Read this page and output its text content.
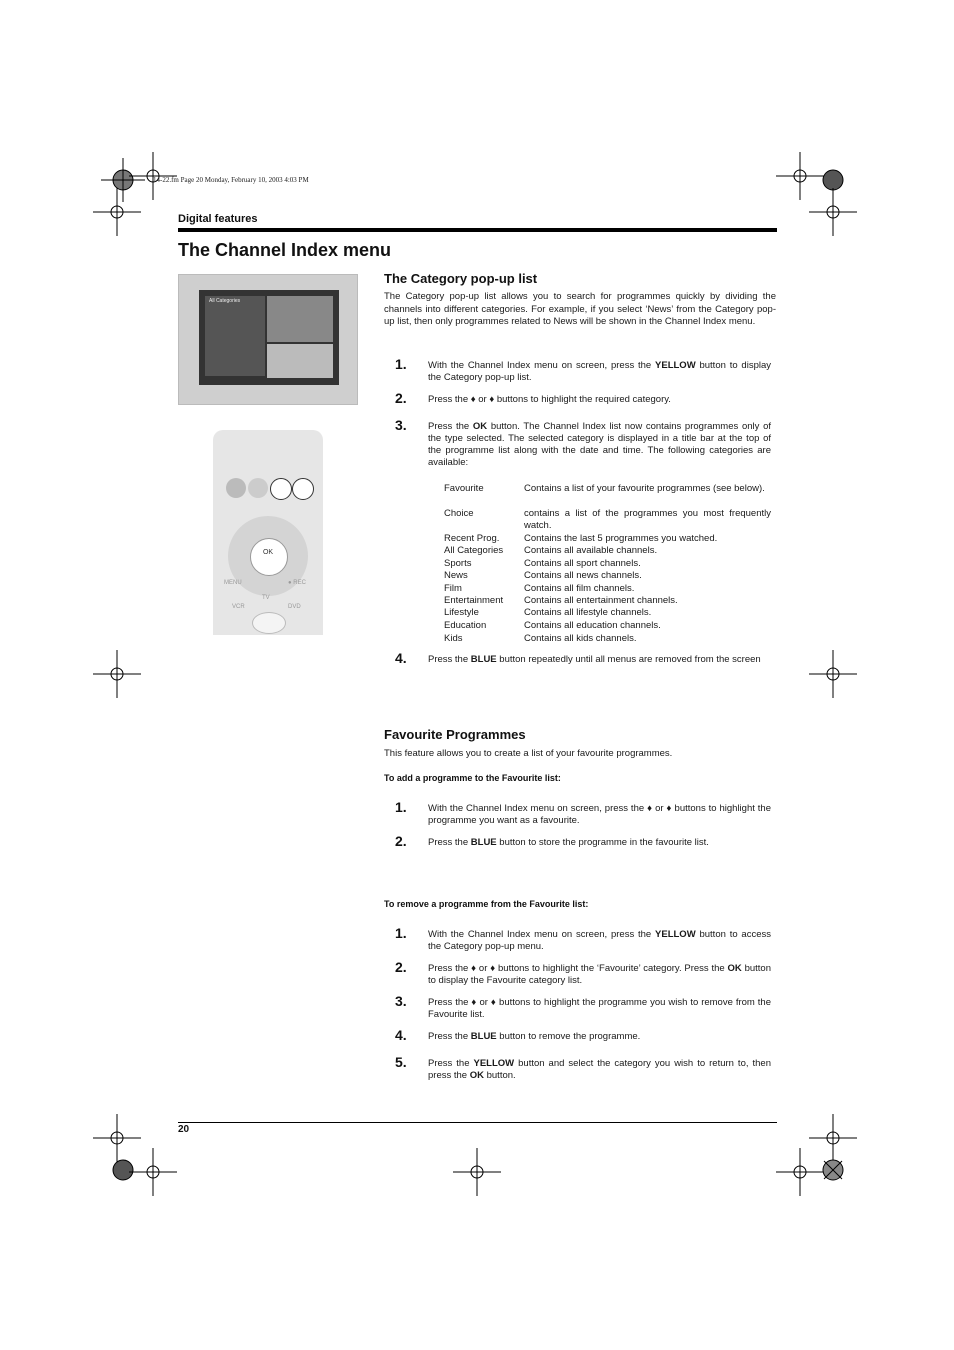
14-22.fm Page 20 Monday, February 10, 2003 4:03 PM
Digital features
The Channel Index menu
All Categories
OK
MENU
TV
VCR	DVD
● REC
The Category pop-up list
The Category pop-up list allows you to search for programmes quickly by dividing the channels into different categories. For example, if you select ‘News’ from the Category pop-up list, then only programmes related to News will be shown in the Channel Index menu.
1. With the Channel Index menu on screen, press the YELLOW button to display the Category pop-up list.
2. Press the ♦ or ♦ buttons to highlight the required category.
3. Press the OK button. The Channel Index list now contains programmes only of the type selected. The selected category is displayed in a title bar at the top of the programme list along with the date and time. The following categories are available:
Favourite	Contains a list of your favourite programmes (see below).
Choice	contains a list of the programmes you most frequently watch.
Recent Prog.	Contains the last 5 programmes you watched.
All Categories Contains all available channels.
Sports	Contains all sport channels.
News	Contains all news channels.
Film	Contains all film channels.
Entertainment Contains all entertainment channels.
Lifestyle	Contains all lifestyle channels.
Education	Contains all education channels.
Kids	Contains all kids channels.
4. Press the BLUE button repeatedly until all menus are removed from the screen
Favourite Programmes
This feature allows you to create a list of your favourite programmes.
To add a programme to the Favourite list:
1. With the Channel Index menu on screen, press the ♦ or ♦ buttons to highlight the programme you want as a favourite.
2. Press the BLUE button to store the programme in the favourite list.
To remove a programme from the Favourite list:
1. With the Channel Index menu on screen, press the YELLOW button to access the Category pop-up menu.
2. Press the ♦ or ♦ buttons to highlight the ‘Favourite’ category. Press the OK button to display the Favourite category list.
3. Press the ♦ or ♦ buttons to highlight the programme you wish to remove from the Favourite list.
4. Press the BLUE button to remove the programme.
5. Press the YELLOW button and select the category you wish to return to, then press the OK button.
20
